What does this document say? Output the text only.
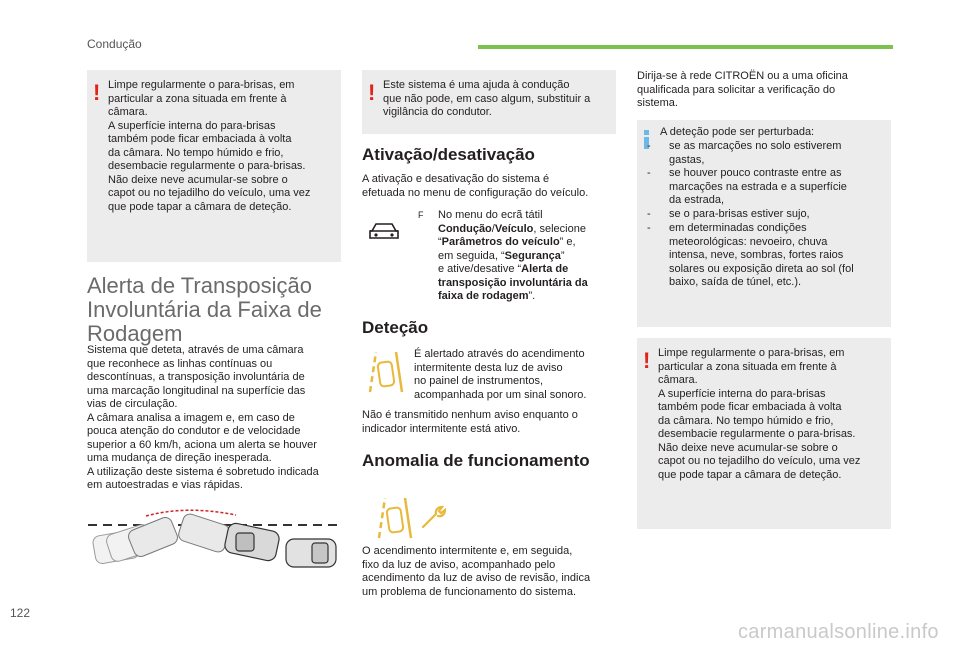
Condução
! Limpe regularmente o para-brisas, em
particular a zona situada em frente à
câmara.
A superfície interna do para-brisas
também pode ficar embaciada à volta
da câmara. No tempo húmido e frio,
desembacie regularmente o para-brisas.
Não deixe neve acumular-se sobre o
capot ou no tejadilho do veículo, uma vez
que pode tapar a câmara de deteção.
Alerta de Transposição
Involuntária da Faixa de
Rodagem
Sistema que deteta, através de uma câmara
que reconhece as linhas contínuas ou
descontínuas, a transposição involuntária de
uma marcação longitudinal na superfície das
vias de circulação.
A câmara analisa a imagem e, em caso de
pouca atenção do condutor e de velocidade
superior a 60 km/h, aciona um alerta se houver
uma mudança de direção inesperada.
A utilização deste sistema é sobretudo indicada
em autoestradas e vias rápidas.
! Este sistema é uma ajuda à condução
que não pode, em caso algum, substituir a
vigilância do condutor.
Ativação/desativação
A ativação e desativação do sistema é
efetuada no menu de configuração do veículo.
F No menu do ecrã tátil
Condução/Veículo, selecione
“Parâmetros do veículo” e,
em seguida, “Segurança”
e ative/desative “Alerta de
transposição involuntária da
faixa de rodagem”.
Deteção
É alertado através do acendimento
intermitente desta luz de aviso
no painel de instrumentos,
acompanhada por um sinal sonoro.
Não é transmitido nenhum aviso enquanto o
indicador intermitente está ativo.
Anomalia de funcionamento
O acendimento intermitente e, em seguida,
fixo da luz de aviso, acompanhado pelo
acendimento da luz de aviso de revisão, indica
um problema de funcionamento do sistema.
Dirija-se à rede CITROËN ou a uma oficina
qualificada para solicitar a verificação do
sistema.
A deteção pode ser perturbada:
- se as marcações no solo estiverem
gastas,
- se houver pouco contraste entre as
marcações na estrada e a superfície
da estrada,
- se o para-brisas estiver sujo,
- em determinadas condições
meteorológicas: nevoeiro, chuva
intensa, neve, sombras, fortes raios
solares ou exposição direta ao sol (fol
baixo, saída de túnel, etc.).
! Limpe regularmente o para-brisas, em
particular a zona situada em frente à
câmara.
A superfície interna do para-brisas
também pode ficar embaciada à volta
da câmara. No tempo húmido e frio,
desembacie regularmente o para-brisas.
Não deixe neve acumular-se sobre o
capot ou no tejadilho do veículo, uma vez
que pode tapar a câmara de deteção.
122
carmanualsonline.info
